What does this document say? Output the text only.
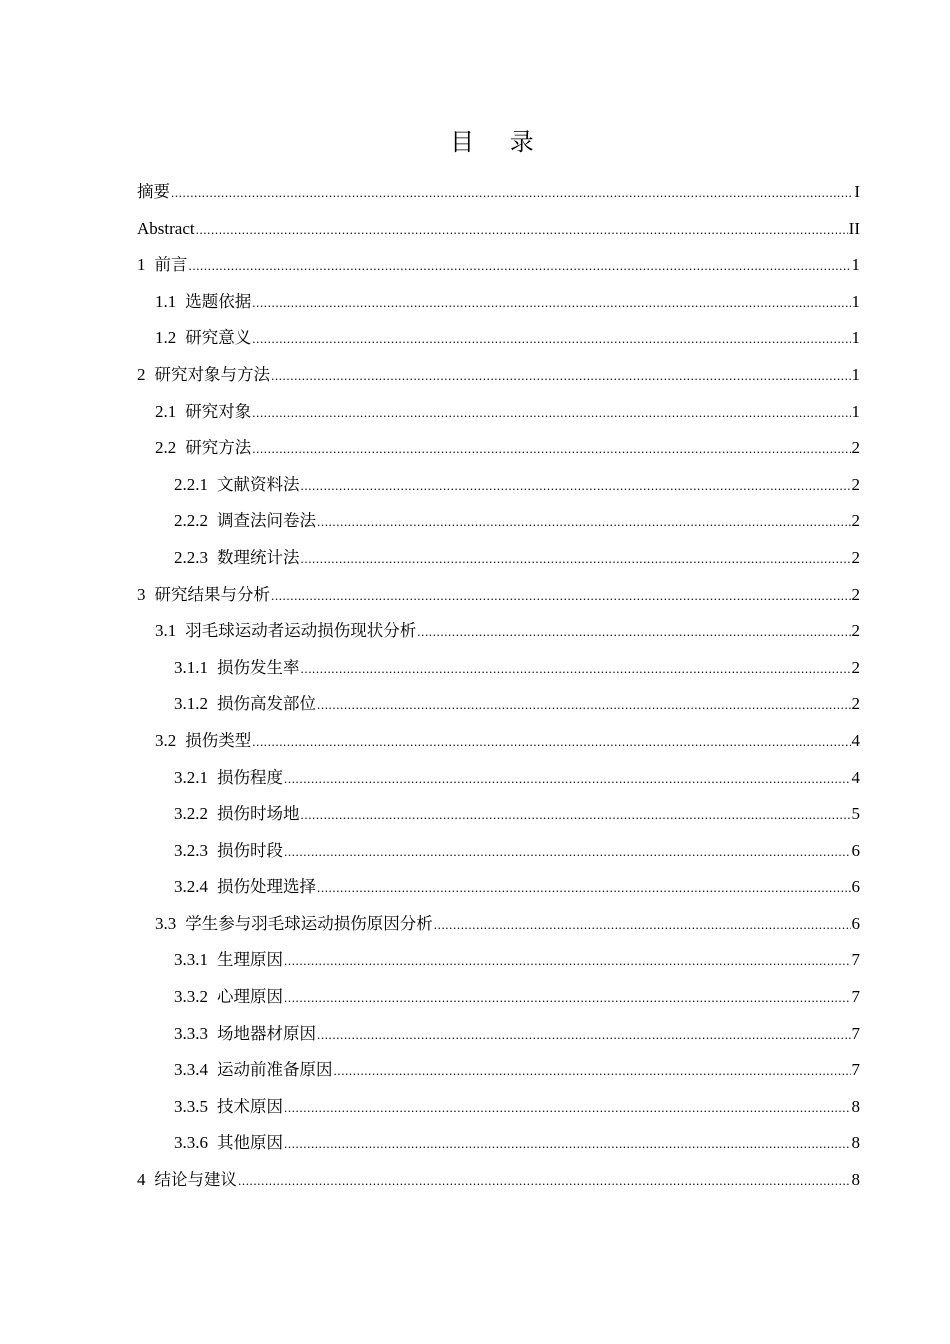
目 录
摘要 .....	I
Abstract .....	II
1 前言 .....	1
1.1 选题依据 .....	1
1.2 研究意义 .....	1
2 研究对象与方法 .....	1
2.1 研究对象 .....	1
2.2 研究方法 .....	2
2.2.1 文献资料法 .....	2
2.2.2 调查法问卷法 .....	2
2.2.3 数理统计法 .....	2
3 研究结果与分析 .....	2
3.1 羽毛球运动者运动损伤现状分析 .....	2
3.1.1 损伤发生率 .....	2
3.1.2 损伤高发部位 .....	2
3.2 损伤类型 .....	4
3.2.1 损伤程度 .....	4
3.2.2 损伤时场地 .....	5
3.2.3 损伤时段 .....	6
3.2.4 损伤处理选择 .....	6
3.3 学生参与羽毛球运动损伤原因分析 .....	6
3.3.1 生理原因 .....	7
3.3.2 心理原因 .....	7
3.3.3 场地器材原因 .....	7
3.3.4 运动前准备原因 .....	7
3.3.5 技术原因 .....	8
3.3.6 其他原因 .....	8
4 结论与建议 .....	8
